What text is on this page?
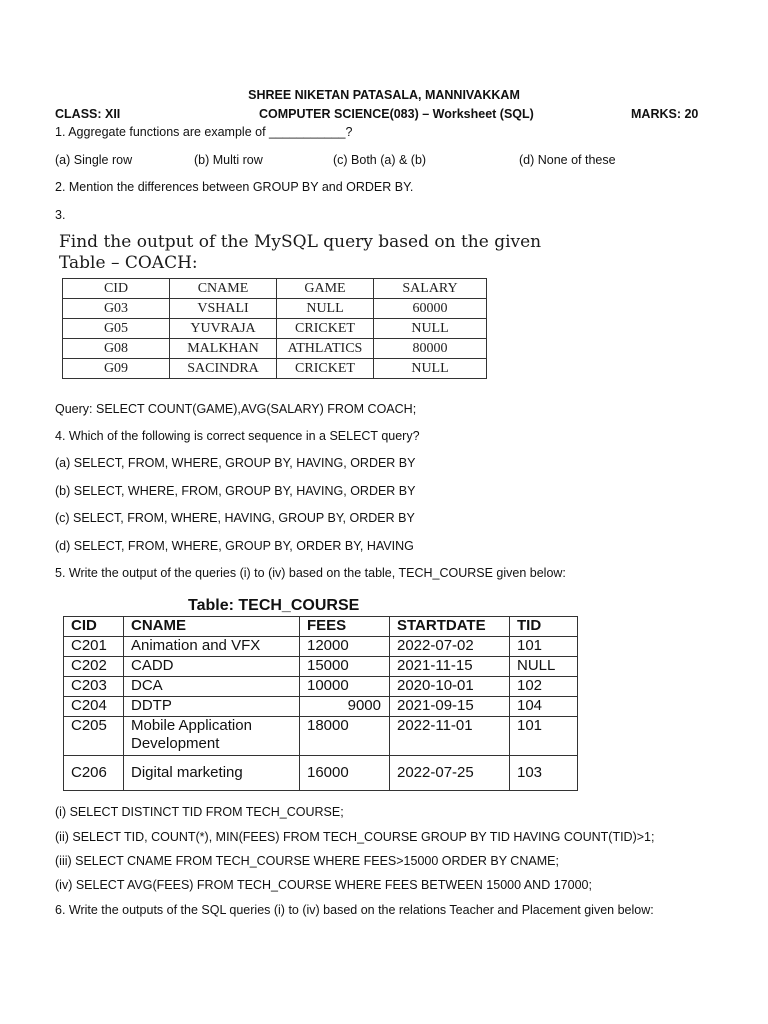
SHREE NIKETAN PATASALA, MANNIVAKKAM
CLASS: XII	COMPUTER SCIENCE(083) – Worksheet (SQL)	MARKS: 20
1. Aggregate functions are example of ___________?
(a) Single row	(b) Multi row	(c) Both (a) & (b)	(d) None of these
2. Mention the differences between GROUP BY and ORDER BY.
3.
Find the output of the MySQL query based on the given
Table – COACH:
CID	CNAME	GAME	SALARY
G03	VSHALI	NULL	60000
G05	YUVRAJA	CRICKET	NULL
G08	MALKHAN	ATHLATICS	80000
G09	SACINDRA	CRICKET	NULL
Query: SELECT COUNT(GAME),AVG(SALARY) FROM COACH;
4. Which of the following is correct sequence in a SELECT query?
(a) SELECT, FROM, WHERE, GROUP BY, HAVING, ORDER BY
(b) SELECT, WHERE, FROM, GROUP BY, HAVING, ORDER BY
(c) SELECT, FROM, WHERE, HAVING, GROUP BY, ORDER BY
(d) SELECT, FROM, WHERE, GROUP BY, ORDER BY, HAVING
5. Write the output of the queries (i) to (iv) based on the table, TECH_COURSE given below:
Table: TECH_COURSE
CID	CNAME	FEES	STARTDATE	TID
C201	Animation and VFX	12000	2022-07-02	101
C202	CADD	15000	2021-11-15	NULL
C203	DCA	10000	2020-10-01	102
C204	DDTP	9000	2021-09-15	104
C205	Mobile Application Development	18000	2022-11-01	101
C206	Digital marketing	16000	2022-07-25	103
(i) SELECT DISTINCT TID FROM TECH_COURSE;
(ii) SELECT TID, COUNT(*), MIN(FEES) FROM TECH_COURSE GROUP BY TID HAVING COUNT(TID)>1;
(iii) SELECT CNAME FROM TECH_COURSE WHERE FEES>15000 ORDER BY CNAME;
(iv) SELECT AVG(FEES) FROM TECH_COURSE WHERE FEES BETWEEN 15000 AND 17000;
6. Write the outputs of the SQL queries (i) to (iv) based on the relations Teacher and Placement given below:
